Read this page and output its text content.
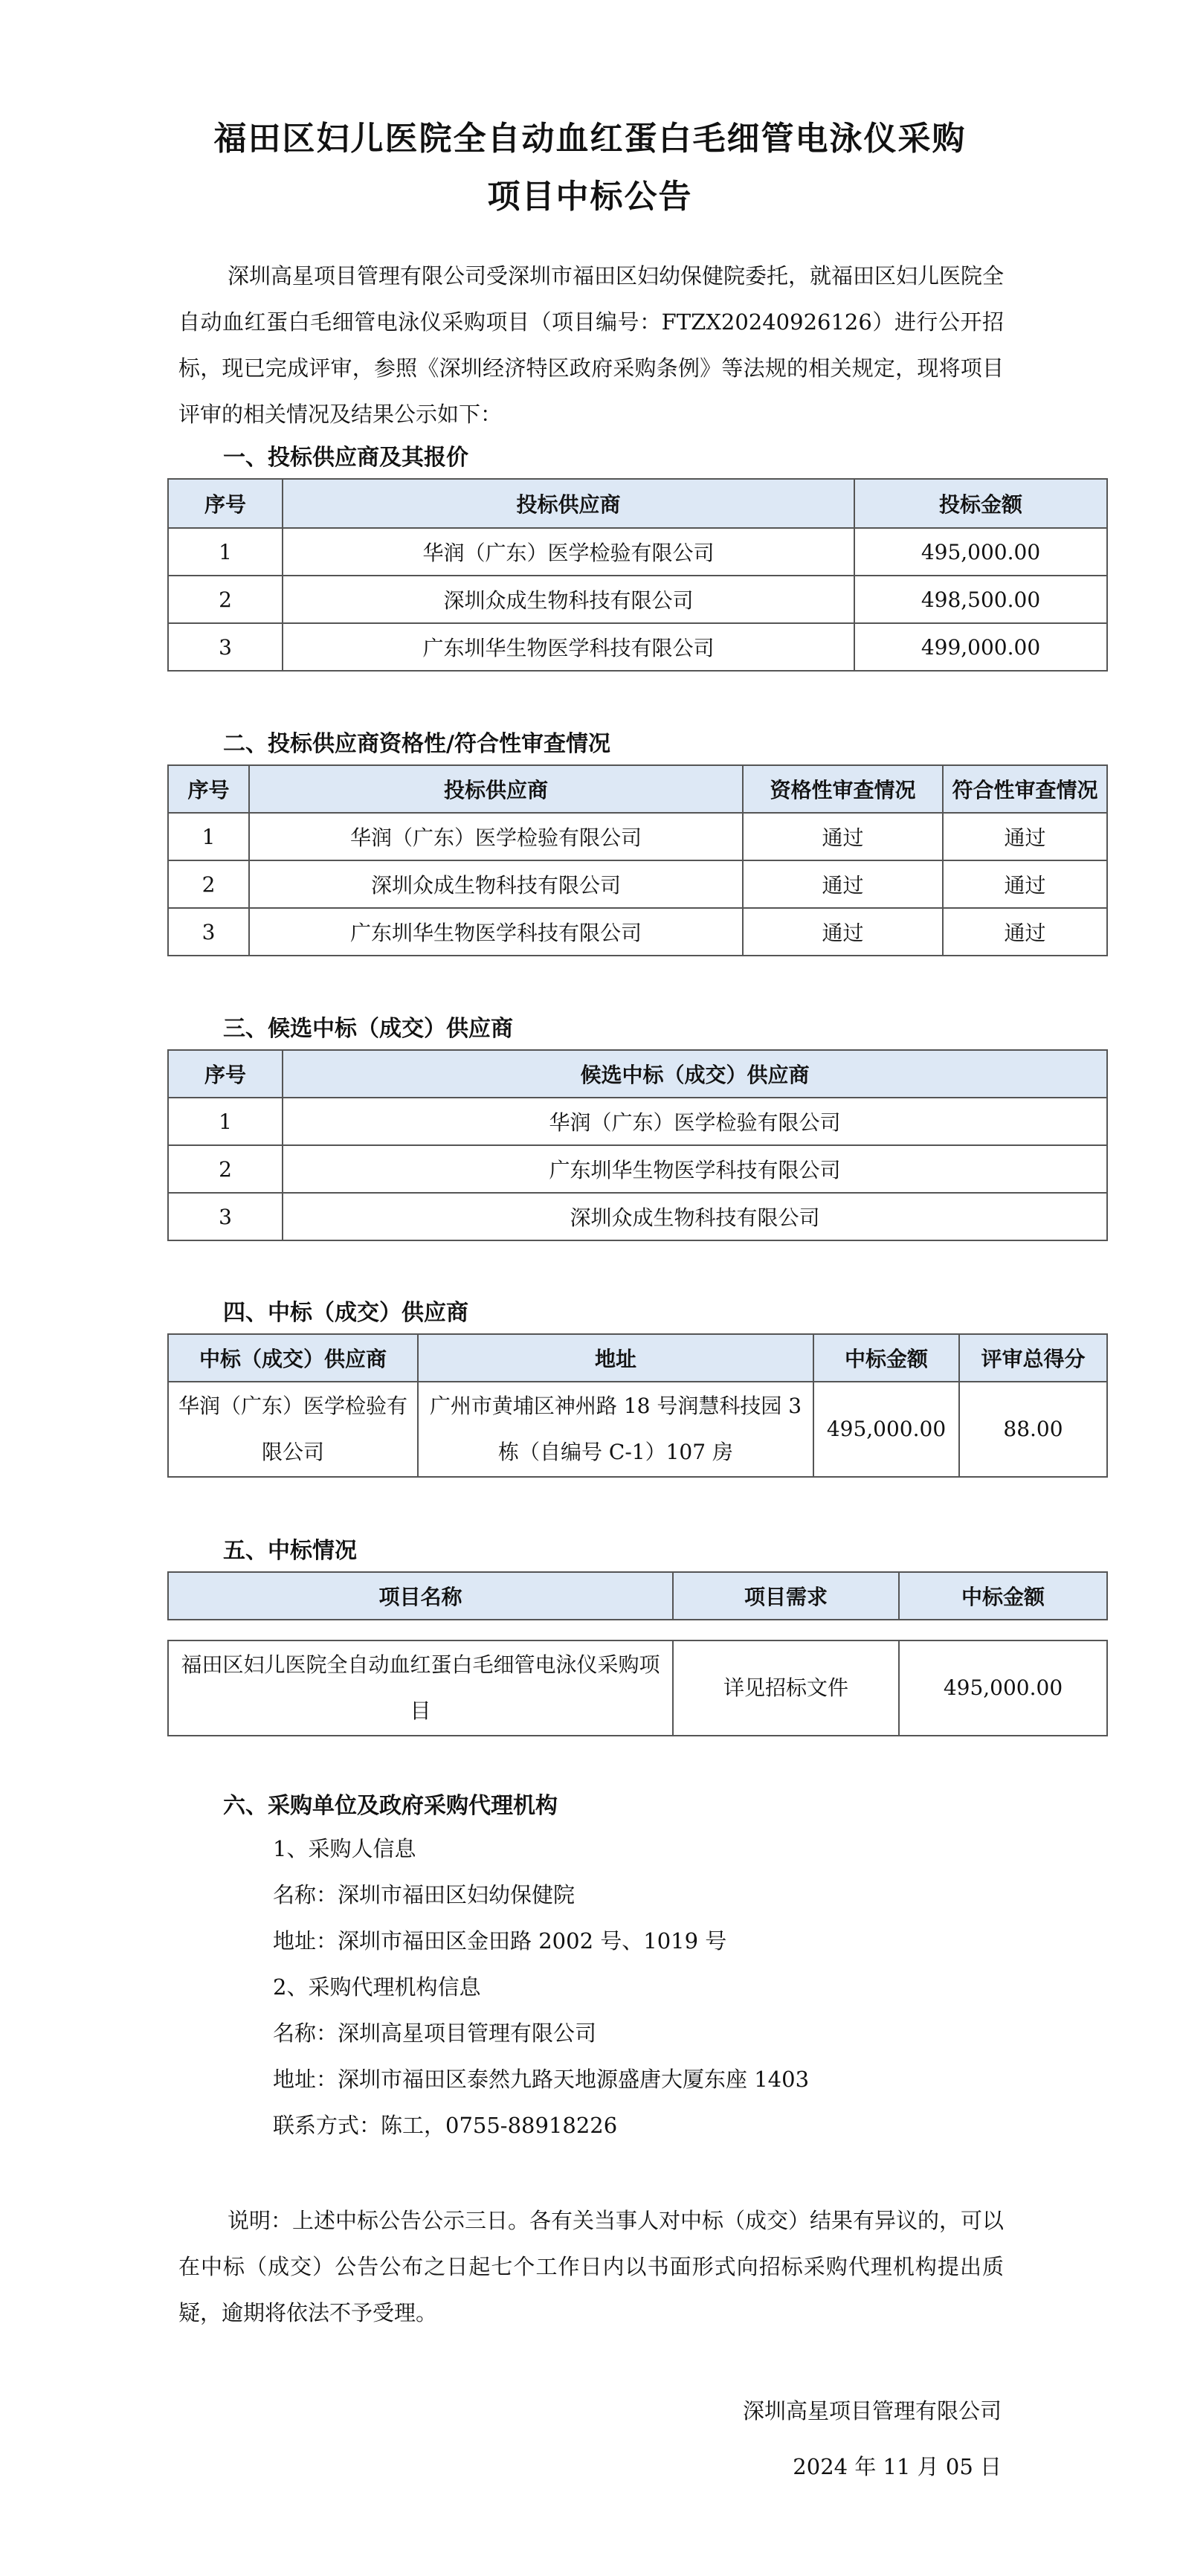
福田区妇儿医院全自动血红蛋白毛细管电泳仪采购
项目中标公告
深圳高星项目管理有限公司受深圳市福田区妇幼保健院委托，就福田区妇儿医院全自动血红蛋白毛细管电泳仪采购项目（项目编号：FTZX20240926126）进行公开招标，现已完成评审，参照《深圳经济特区政府采购条例》等法规的相关规定，现将项目评审的相关情况及结果公示如下：
一、投标供应商及其报价
序号	投标供应商	投标金额
1	华润（广东）医学检验有限公司	495,000.00
2	深圳众成生物科技有限公司	498,500.00
3	广东圳华生物医学科技有限公司	499,000.00
二、投标供应商资格性/符合性审查情况
序号	投标供应商	资格性审查情况	符合性审查情况
1	华润（广东）医学检验有限公司	通过	通过
2	深圳众成生物科技有限公司	通过	通过
3	广东圳华生物医学科技有限公司	通过	通过
三、候选中标（成交）供应商
序号	候选中标（成交）供应商
1	华润（广东）医学检验有限公司
2	广东圳华生物医学科技有限公司
3	深圳众成生物科技有限公司
四、中标（成交）供应商
中标（成交）供应商	地址	中标金额	评审总得分
华润（广东）医学检验有限公司	广州市黄埔区神州路 18 号润慧科技园 3 栋（自编号 C-1）107 房	495,000.00	88.00
五、中标情况
项目名称	项目需求	中标金额
福田区妇儿医院全自动血红蛋白毛细管电泳仪采购项目	详见招标文件	495,000.00
六、采购单位及政府采购代理机构
1、采购人信息
名称：深圳市福田区妇幼保健院
地址：深圳市福田区金田路 2002 号、1019 号
2、采购代理机构信息
名称：深圳高星项目管理有限公司
地址：深圳市福田区泰然九路天地源盛唐大厦东座 1403
联系方式：陈工，0755-88918226
说明：上述中标公告公示三日。各有关当事人对中标（成交）结果有异议的，可以在中标（成交）公告公布之日起七个工作日内以书面形式向招标采购代理机构提出质疑，逾期将依法不予受理。
深圳高星项目管理有限公司
2024 年 11 月 05 日
